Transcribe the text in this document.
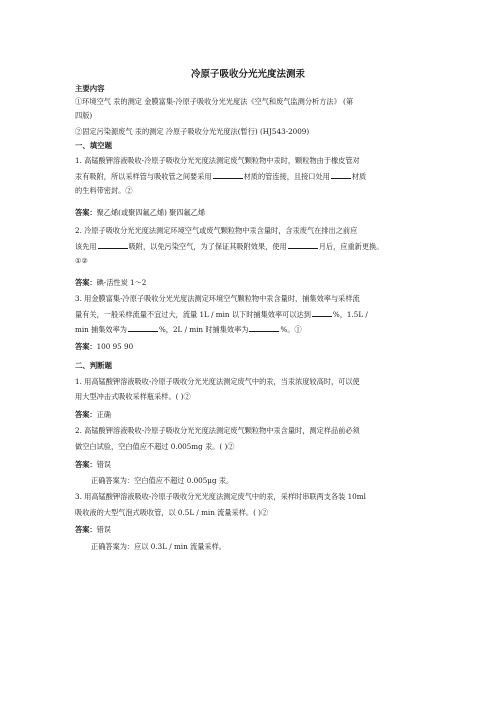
冷原子吸收分光光度法测汞
主要内容
①环境空气 汞的测定 金膜富集-冷原子吸收分光光度法《空气和废气监测分析方法》 (第
四版)
②固定污染源废气 汞的测定 冷原子吸收分光光度法(暂行) (HJ543-2009)
一、填空题
1. 高锰酸钾溶液吸收-冷原子吸收分光光度法测定废气颗粒物中汞时，颗粒物由于橡皮管对
汞有吸附，所以采样管与吸收管之间要采用	材质的管连接，且接口处用	材质
的生料带密封。②
答案：聚乙烯(或聚四氟乙烯) 聚四氟乙烯
2. 冷原子吸收分光光度法测定环境空气或废气颗粒物中汞含量时，含汞废气在排出之前应
该先用	吸附，以免污染空气，为了保证其吸附效果，使用	月后，应重新更换。
①②
答案：碘-活性炭 1～2
3. 用金膜富集-冷原子吸收分光光度法测定环境空气颗粒物中汞含量时，捕集效率与采样流
量有关，一般采样流量不宜过大，流量 1L / min 以下时捕集效率可以达到	%，1.5L /
min 捕集效率为	%，2L / min 时捕集效率为	%。①
答案：100 95 90
二、判断题
1. 用高锰酸钾溶液吸收-冷原子吸收分光光度法测定废气中的汞，当汞浓度较高时，可以使
用大型冲击式吸收采样瓶采样。( )②
答案：正确
2. 高锰酸钾溶液吸收-冷原子吸收分光光度法测定废气颗粒物中汞含量时，测定样品前必须
做空白试验，空白值应不超过 0.005mg 汞。( )②
答案：错误
正确答案为：空白值应不超过 0.005μg 汞。
3. 用高锰酸钾溶液吸收-冷原子吸收分光光度法测定废气中的汞，采样时串联两支各装 10ml
吸收液的大型气泡式吸收管，以 0.5L / min 流量采样。( )②
答案：错误
正确答案为：应以 0.3L / min 流量采样。
